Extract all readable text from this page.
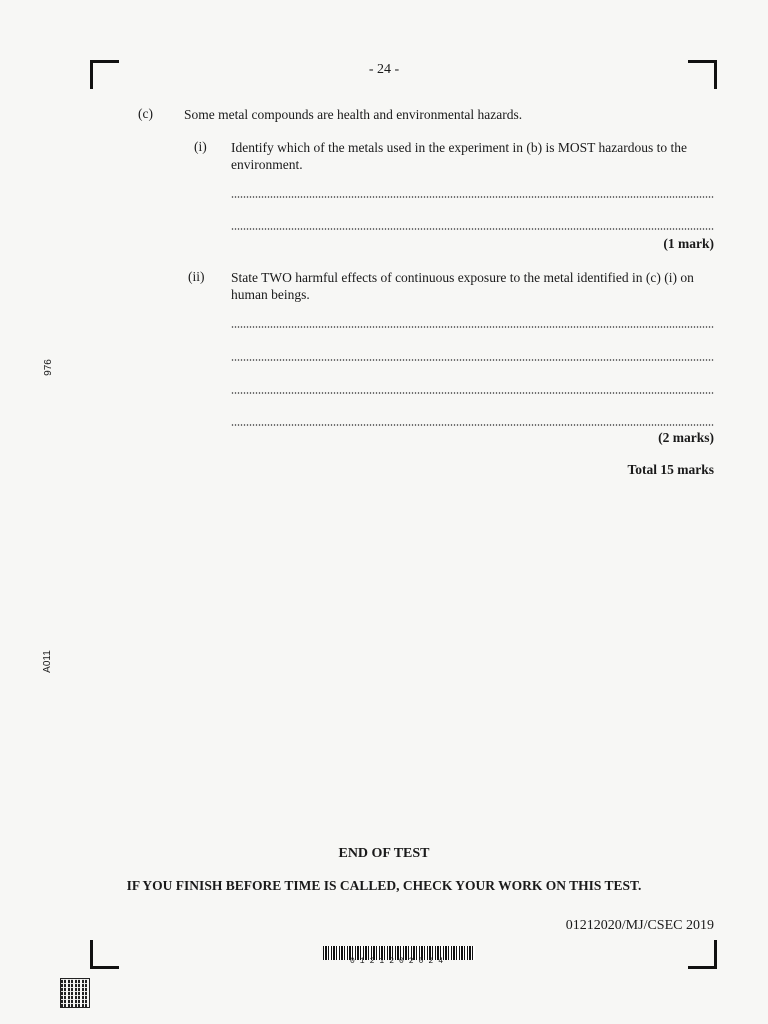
- 24 -
(c) Some metal compounds are health and environmental hazards.
(i) Identify which of the metals used in the experiment in (b) is MOST hazardous to the
environment.
(1 mark)
(ii) State TWO harmful effects of continuous exposure to the metal identified in (c) (i) on
human beings.
(2 marks)
Total 15 marks
976
A011
END OF TEST
IF YOU FINISH BEFORE TIME IS CALLED, CHECK YOUR WORK ON THIS TEST.
01212020/MJ/CSEC 2019
0121202024
